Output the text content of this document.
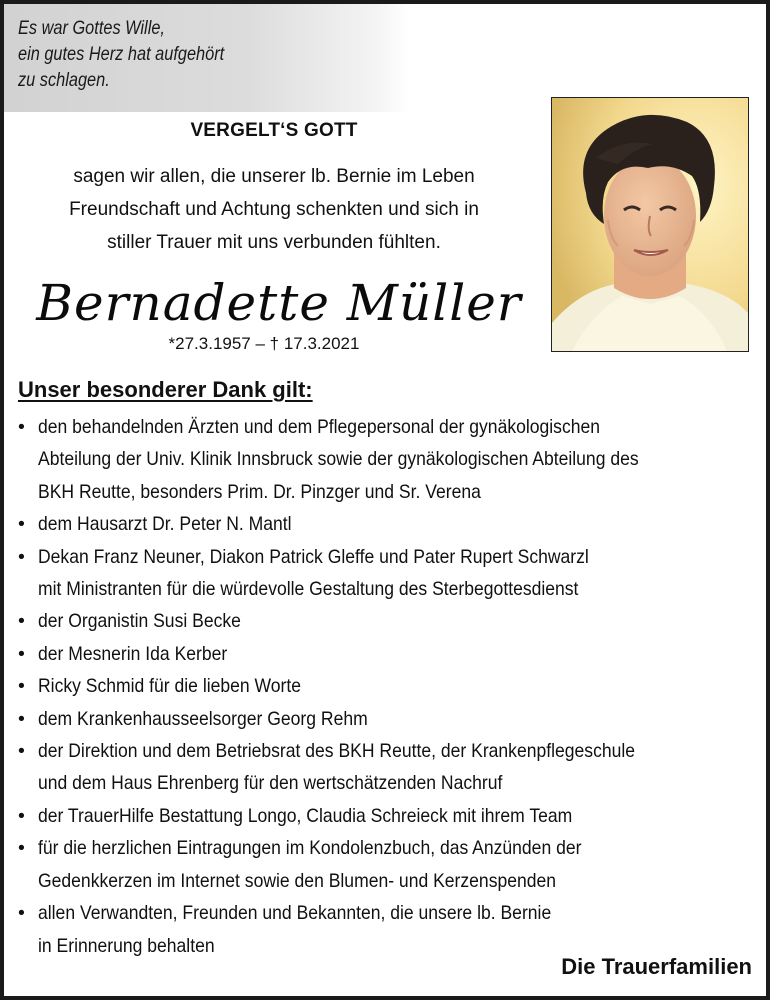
Es war Gottes Wille,
ein gutes Herz hat aufgehört
zu schlagen.
VERGELT‘S GOTT
sagen wir allen, die unserer lb. Bernie im Leben
Freundschaft und Achtung schenkten und sich in
stiller Trauer mit uns verbunden fühlten.
Bernadette Müller
*27.3.1957 – † 17.3.2021
Unser besonderer Dank gilt:
• den behandelnden Ärzten und dem Pflegepersonal der gynäkologischen
Abteilung der Univ. Klinik Innsbruck sowie der gynäkologischen Abteilung des
BKH Reutte, besonders Prim. Dr. Pinzger und Sr. Verena
• dem Hausarzt Dr. Peter N. Mantl
• Dekan Franz Neuner, Diakon Patrick Gleffe und Pater Rupert Schwarzl
mit Ministranten für die würdevolle Gestaltung des Sterbegottesdienst
• der Organistin Susi Becke
• der Mesnerin Ida Kerber
• Ricky Schmid für die lieben Worte
• dem Krankenhausseelsorger Georg Rehm
• der Direktion und dem Betriebsrat des BKH Reutte, der Krankenpflegeschule
und dem Haus Ehrenberg für den wertschätzenden Nachruf
• der TrauerHilfe Bestattung Longo, Claudia Schreieck mit ihrem Team
• für die herzlichen Eintragungen im Kondolenzbuch, das Anzünden der
Gedenkkerzen im Internet sowie den Blumen- und Kerzenspenden
• allen Verwandten, Freunden und Bekannten, die unsere lb. Bernie
in Erinnerung behalten
Die Trauerfamilien
